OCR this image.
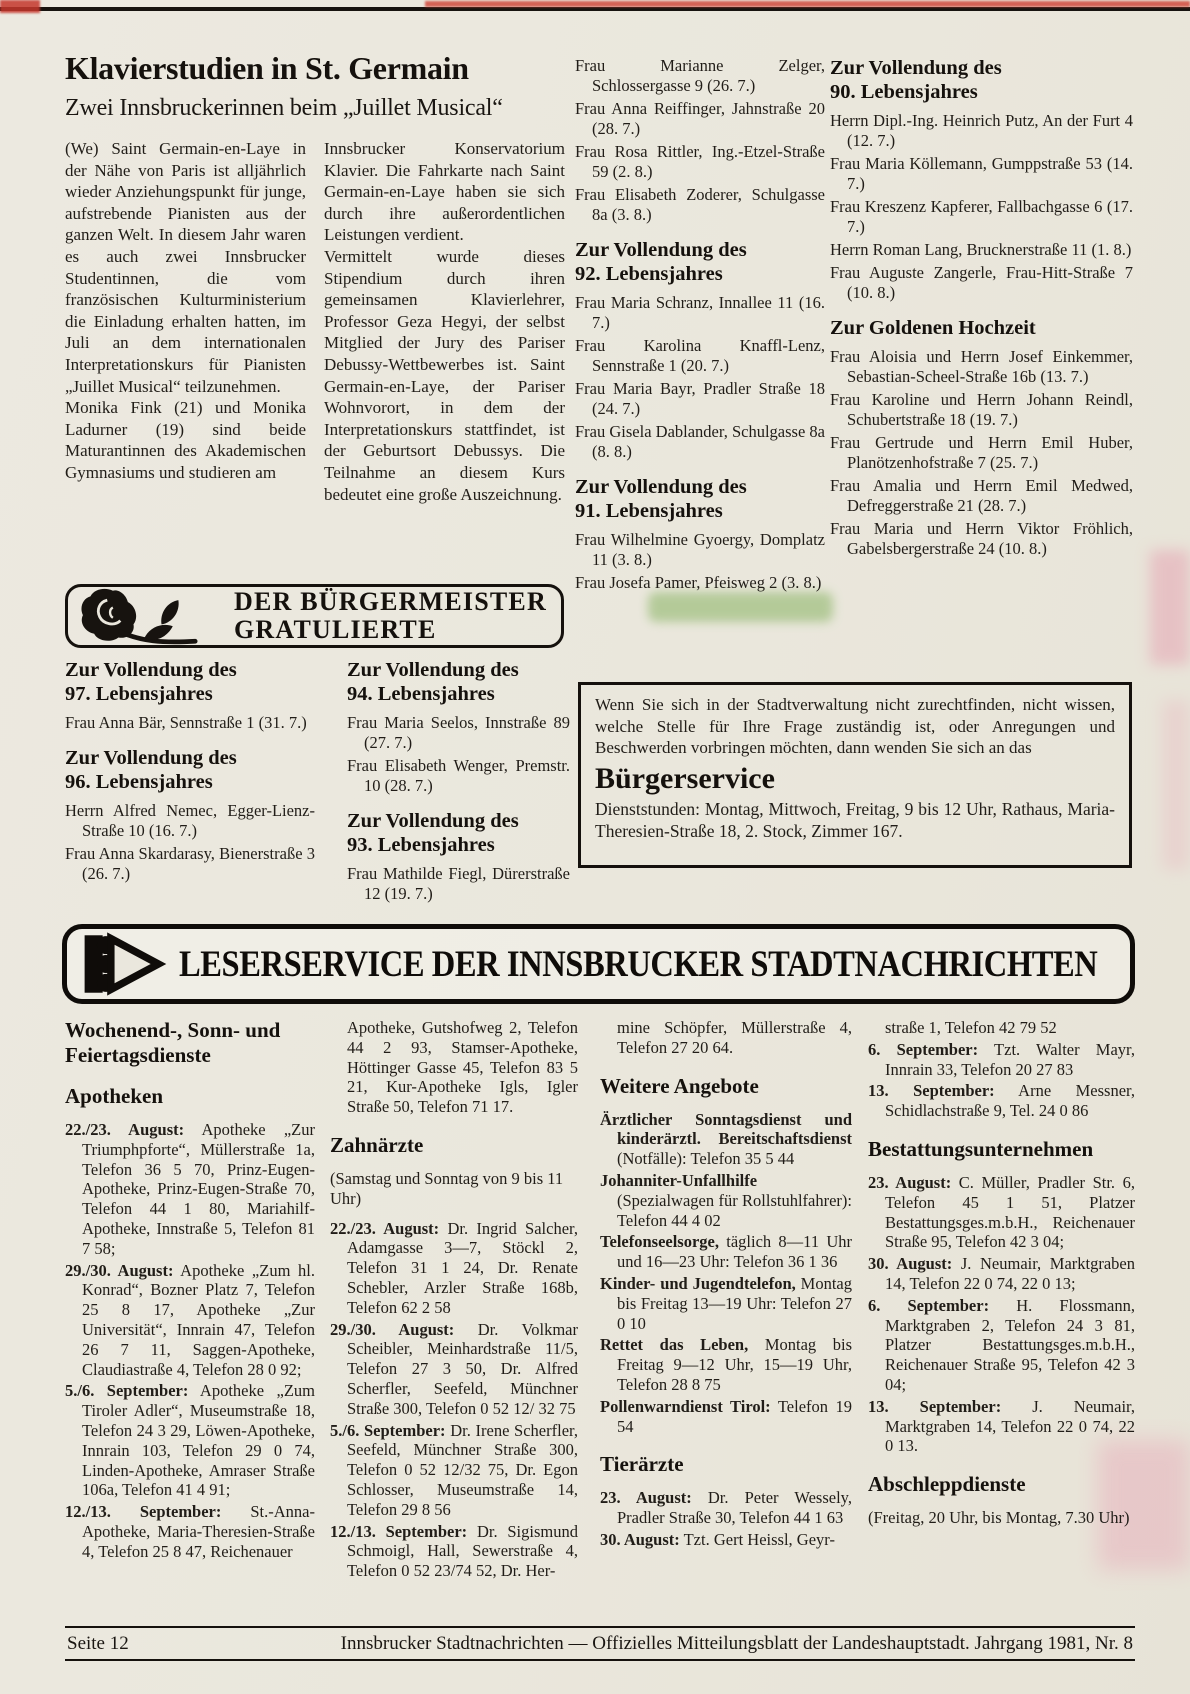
Klavierstudien in St. Germain
Zwei Innsbruckerinnen beim „Juillet Musical“

(We) Saint Germain-en-Laye in der Nähe von Paris ist alljährlich wieder Anziehungspunkt für junge, aufstrebende Pianisten aus der ganzen Welt. In diesem Jahr waren es auch zwei Innsbrucker Studentinnen, die vom französischen Kulturministerium die Einladung erhalten hatten, im Juli an dem internationalen Interpretationskurs für Pianisten „Juillet Musical“ teilzunehmen.

Monika Fink (21) und Monika Ladurner (19) sind beide Maturantinnen des Akademischen Gymnasiums und studieren am

Innsbrucker Konservatorium Klavier. Die Fahrkarte nach Saint Germain-en-Laye haben sie sich durch ihre außerordentlichen Leistungen verdient.

Vermittelt wurde dieses Stipendium durch ihren gemeinsamen Klavierlehrer, Professor Geza Hegyi, der selbst Mitglied der Jury des Pariser Debussy-Wettbewerbes ist. Saint Germain-en-Laye, der Pariser Wohnvorort, in dem der Interpretationskurs stattfindet, ist der Geburtsort Debussys. Die Teilnahme an diesem Kurs bedeutet eine große Auszeichnung.

Frau Marianne Zelger, Schlossergasse 9 (26. 7.)

Frau Anna Reiffinger, Jahnstraße 20 (28. 7.)

Frau Rosa Rittler, Ing.-Etzel-Straße 59 (2. 8.)

Frau Elisabeth Zoderer, Schulgasse 8a (3. 8.)

Zur Vollendung des
92. Lebensjahres

Frau Maria Schranz, Innallee 11 (16. 7.)

Frau Karolina Knaffl-Lenz, Sennstraße 1 (20. 7.)

Frau Maria Bayr, Pradler Straße 18 (24. 7.)

Frau Gisela Dablander, Schulgasse 8a (8. 8.)

Zur Vollendung des
91. Lebensjahres

Frau Wilhelmine Gyoergy, Domplatz 11 (3. 8.)

Frau Josefa Pamer, Pfeisweg 2 (3. 8.)

Zur Vollendung des
90. Lebensjahres

Herrn Dipl.-Ing. Heinrich Putz, An der Furt 4 (12. 7.)

Frau Maria Köllemann, Gumppstraße 53 (14. 7.)

Frau Kreszenz Kapferer, Fallbachgasse 6 (17. 7.)

Herrn Roman Lang, Brucknerstraße 11 (1. 8.)

Frau Auguste Zangerle, Frau-Hitt-Straße 7 (10. 8.)

Zur Goldenen Hochzeit

Frau Aloisia und Herrn Josef Einkemmer, Sebastian-Scheel-Straße 16b (13. 7.)

Frau Karoline und Herrn Johann Reindl, Schubertstraße 18 (19. 7.)

Frau Gertrude und Herrn Emil Huber, Planötzenhofstraße 7 (25. 7.)

Frau Amalia und Herrn Emil Medwed, Defreggerstraße 21 (28. 7.)

Frau Maria und Herrn Viktor Fröhlich, Gabelsbergerstraße 24 (10. 8.)

DER BÜRGERMEISTER
GRATULIERTE
Zur Vollendung des
97. Lebensjahres

Frau Anna Bär, Sennstraße 1 (31. 7.)

Zur Vollendung des
96. Lebensjahres

Herrn Alfred Nemec, Egger-Lienz-Straße 10 (16. 7.)

Frau Anna Skardarasy, Bienerstraße 3 (26. 7.)

Zur Vollendung des
94. Lebensjahres

Frau Maria Seelos, Innstraße 89 (27. 7.)

Frau Elisabeth Wenger, Premstr. 10 (28. 7.)

Zur Vollendung des
93. Lebensjahres

Frau Mathilde Fiegl, Dürerstraße 12 (19. 7.)

Wenn Sie sich in der Stadtverwaltung nicht zurechtfinden, nicht wissen, welche Stelle für Ihre Frage zuständig ist, oder Anregungen und Beschwerden vorbringen möchten, dann wenden Sie sich an das

Bürgerservice

Dienststunden: Montag, Mittwoch, Freitag, 9 bis 12 Uhr, Rathaus, Maria-Theresien-Straße 18, 2. Stock, Zimmer 167.

LESERSERVICE DER INNSBRUCKER STADTNACHRICHTEN
Wochenend-, Sonn- und
Feiertagsdienste
Apotheken

22./23. August: Apotheke „Zur Triumphpforte“, Müllerstraße 1a, Telefon 36 5 70, Prinz-Eugen-Apotheke, Prinz-Eugen-Straße 70, Telefon 44 1 80, Mariahilf-Apotheke, Innstraße 5, Telefon 81 7 58;

29./30. August: Apotheke „Zum hl. Konrad“, Bozner Platz 7, Telefon 25 8 17, Apotheke „Zur Universität“, Innrain 47, Telefon 26 7 11, Saggen-Apotheke, Claudiastraße 4, Telefon 28 0 92;

5./6. September: Apotheke „Zum Tiroler Adler“, Museumstraße 18, Telefon 24 3 29, Löwen-Apotheke, Innrain 103, Telefon 29 0 74, Linden-Apotheke, Amraser Straße 106a, Telefon 41 4 91;

12./13. September: St.-Anna-Apotheke, Maria-Theresien-Straße 4, Telefon 25 8 47, Reichenauer

Apotheke, Gutshofweg 2, Telefon 44 2 93, Stamser-Apotheke, Höttinger Gasse 45, Telefon 83 5 21, Kur-Apotheke Igls, Igler Straße 50, Telefon 71 17.

Zahnärzte

(Samstag und Sonntag von 9 bis 11 Uhr)

22./23. August: Dr. Ingrid Salcher, Adamgasse 3—7, Stöckl 2, Telefon 31 1 24, Dr. Renate Schebler, Arzler Straße 168b, Telefon 62 2 58

29./30. August: Dr. Volkmar Scheibler, Meinhardstraße 11/5, Telefon 27 3 50, Dr. Alfred Scherfler, Seefeld, Münchner Straße 300, Telefon 0 52 12/ 32 75

5./6. September: Dr. Irene Scherfler, Seefeld, Münchner Straße 300, Telefon 0 52 12/32 75, Dr. Egon Schlosser, Museumstraße 14, Telefon 29 8 56

12./13. September: Dr. Sigismund Schmoigl, Hall, Sewerstraße 4, Telefon 0 52 23/74 52, Dr. Her-

mine Schöpfer, Müllerstraße 4, Telefon 27 20 64.

Weitere Angebote

Ärztlicher Sonntagsdienst und kinderärztl. Bereitschaftsdienst (Notfälle): Telefon 35 5 44

Johanniter-Unfallhilfe (Spezialwagen für Rollstuhlfahrer): Telefon 44 4 02

Telefonseelsorge, täglich 8—11 Uhr und 16—23 Uhr: Telefon 36 1 36

Kinder- und Jugendtelefon, Montag bis Freitag 13—19 Uhr: Telefon 27 0 10

Rettet das Leben, Montag bis Freitag 9—12 Uhr, 15—19 Uhr, Telefon 28 8 75

Pollenwarndienst Tirol: Telefon 19 54

Tierärzte

23. August: Dr. Peter Wessely, Pradler Straße 30, Telefon 44 1 63

30. August: Tzt. Gert Heissl, Geyr-

straße 1, Telefon 42 79 52

6. September: Tzt. Walter Mayr, Innrain 33, Telefon 20 27 83

13. September: Arne Messner, Schidlachstraße 9, Tel. 24 0 86

Bestattungsunternehmen

23. August: C. Müller, Pradler Str. 6, Telefon 45 1 51, Platzer Bestattungsges.m.b.H., Reichenauer Straße 95, Telefon 42 3 04;

30. August: J. Neumair, Marktgraben 14, Telefon 22 0 74, 22 0 13;

6. September: H. Flossmann, Marktgraben 2, Telefon 24 3 81, Platzer Bestattungsges.m.b.H., Reichenauer Straße 95, Telefon 42 3 04;

13. September: J. Neumair, Marktgraben 14, Telefon 22 0 74, 22 0 13.

Abschleppdienste

(Freitag, 20 Uhr, bis Montag, 7.30 Uhr)

Seite 12	Innsbrucker Stadtnachrichten — Offizielles Mitteilungsblatt der Landeshauptstadt. Jahrgang 1981, Nr. 8
